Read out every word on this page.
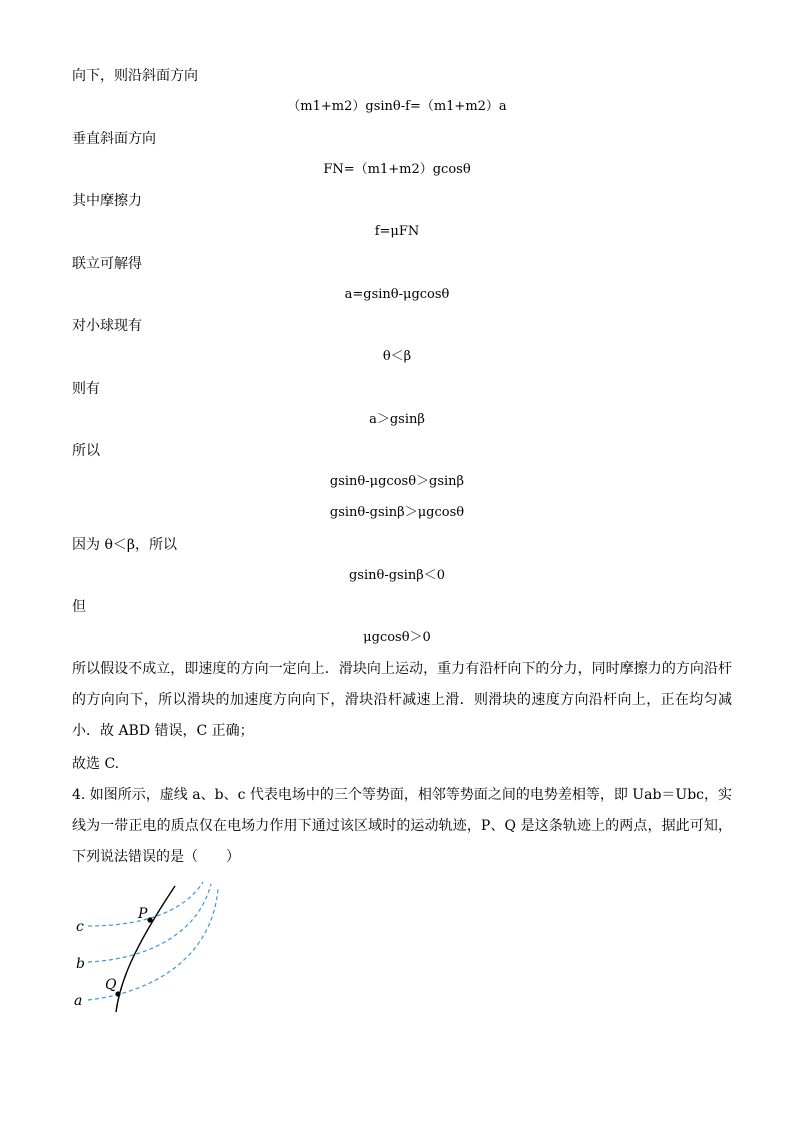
向下，则沿斜面方向
（m1+m2）gsinθ-f=（m1+m2）a
垂直斜面方向
FN=（m1+m2）gcosθ
其中摩擦力
f=μFN
联立可解得
a=gsinθ-μgcosθ
对小球现有
θ＜β
则有
a＞gsinβ
所以
gsinθ-μgcosθ＞gsinβ
gsinθ-gsinβ＞μgcosθ
因为 θ＜β，所以
gsinθ-gsinβ＜0
但
μgcosθ＞0
所以假设不成立，即速度的方向一定向上．滑块向上运动，重力有沿杆向下的分力，同时摩擦力的方向沿杆的方向向下，所以滑块的加速度方向向下，滑块沿杆减速上滑．则滑块的速度方向沿杆向上，正在均匀减小．故 ABD 错误，C 正确；
故选 C.
4. 如图所示，虚线 a、b、c 代表电场中的三个等势面，相邻等势面之间的电势差相等，即 Uab＝Ubc，实线为一带正电的质点仅在电场力作用下通过该区域时的运动轨迹，P、Q 是这条轨迹上的两点，据此可知，下列说法错误的是（　　）
c
b
a
P
Q
